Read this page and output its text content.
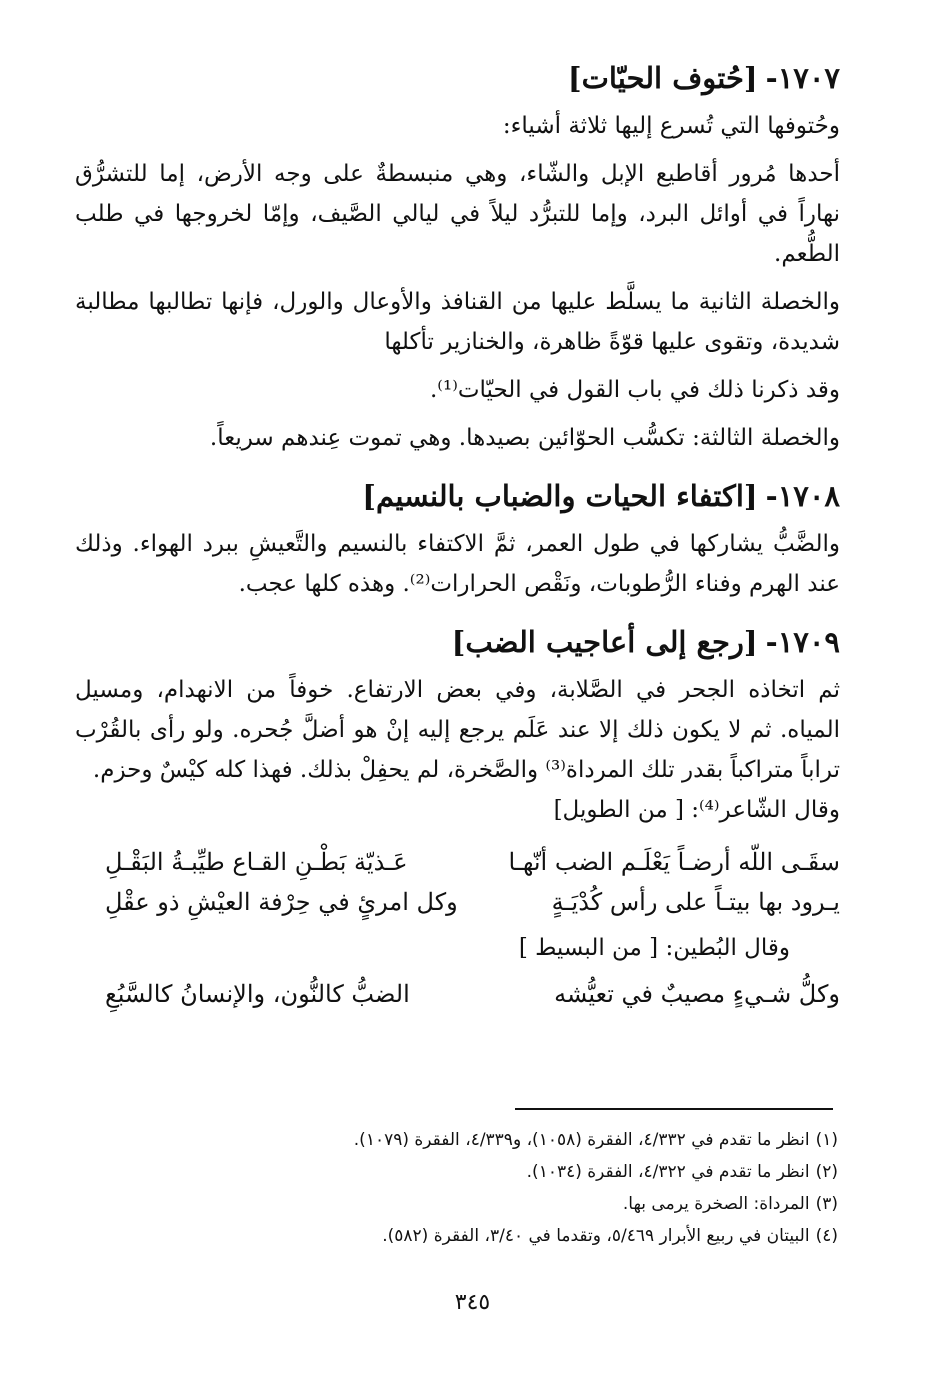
١٧٠٧-[حُتوف الحيّات]

وحُتوفها التي تُسرع إليها ثلاثة أشياء:

أحدها مُرور أقاطيع الإبل والشّاء، وهي منبسطةٌ على وجه الأرض، إما للتشرُّق نهاراً في أوائل البرد، وإما للتبرُّد ليلاً في ليالي الصَّيف، وإمّا لخروجها في طلب الطُّعم.

والخصلة الثانية ما يسلَّط عليها من القنافذ والأوعال والورل، فإنها تطالبها مطالبة شديدة، وتقوى عليها قوّةً ظاهرة، والخنازير تأكلها

وقد ذكرنا ذلك في باب القول في الحيّات⁽¹⁾.

والخصلة الثالثة: تكسُّب الحوّائين بصيدها. وهي تموت عِندهم سريعاً.

١٧٠٨-[اكتفاء الحيات والضباب بالنسيم]

والضَّبُّ يشاركها في طول العمر، ثمَّ الاكتفاء بالنسيم والتَّعيشِ ببرد الهواء. وذلك عند الهرم وفناء الرُّطوبات، ونَقْص الحرارات⁽²⁾. وهذه كلها عجب.

١٧٠٩-[رجع إلى أعاجيب الضب]

ثم اتخاذه الجحر في الصَّلابة، وفي بعض الارتفاع. خوفاً من الانهدام، ومسيل المياه. ثم لا يكون ذلك إلا عند عَلَم يرجع إليه إنْ هو أضلَّ جُحره. ولو رأى بالقُرْب تراباً متراكباً بقدر تلك المرداة⁽³⁾ والصَّخرة، لم يحفِلْ بذلك. فهذا كله كيْسٌ وحزم.

وقال الشّاعر⁽⁴⁾: [ من الطويل]
سقَـى اللّه أرضـاً يَعْلَـم الضب أنّهـا
عَـذيّة بَطْـنِ القـاع طيِّبـةُ البَقْـلِ
يـرود بها بيتـاً على رأس كُدْيَـةٍ
وكل امرئٍ في حِرْفة العيْشِ ذو عقْلِ
وقال البُطين: [ من البسيط ]
الضبُّ كالنُّون، والإنسانُ كالسَّبُعِ	وكلُّ شـيءٍ مصيبٌ في تعيُّشه
(١)انظر ما تقدم في ٤/٣٣٢، الفقرة (١٠٥٨)، و٤/٣٣٩، الفقرة (١٠٧٩).
(٢)انظر ما تقدم في ٤/٣٢٢، الفقرة (١٠٣٤).
(٣)المرداة: الصخرة يرمى بها.
(٤)البيتان في ربيع الأبرار ٥/٤٦٩، وتقدما في ٣/٤٠، الفقرة (٥٨٢).
٣٤٥
